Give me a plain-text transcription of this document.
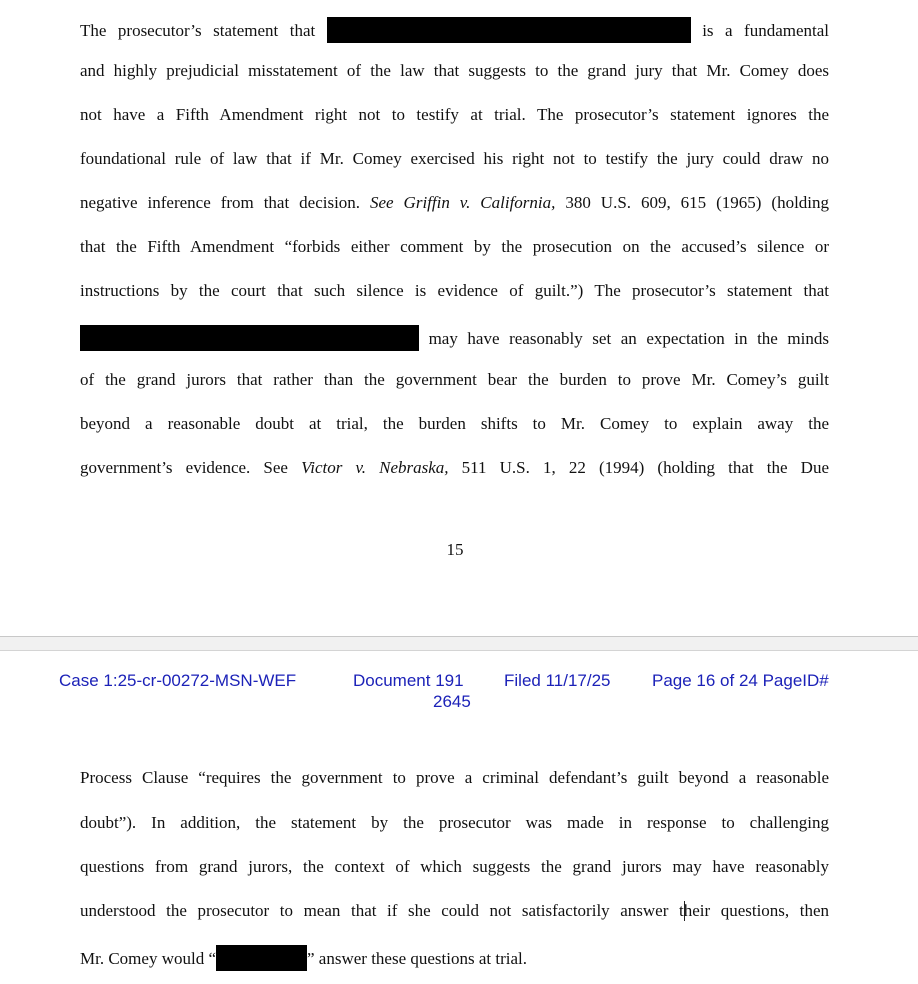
The prosecutor’s statement that	is a fundamental
and highly prejudicial misstatement of the law that suggests to the grand jury that Mr. Comey does
not have a Fifth Amendment right not to testify at trial. The prosecutor’s statement ignores the
foundational rule of law that if Mr. Comey exercised his right not to testify the jury could draw no
negative inference from that decision. See Griffin v. California, 380 U.S. 609, 615 (1965) (holding
that the Fifth Amendment “forbids either comment by the prosecution on the accused’s silence or
instructions by the court that such silence is evidence of guilt.”) The prosecutor’s statement that
may have reasonably set an expectation in the minds
of the grand jurors that rather than the government bear the burden to prove Mr. Comey’s guilt
beyond a reasonable doubt at trial, the burden shifts to Mr. Comey to explain away the
government’s evidence. See Victor v. Nebraska, 511 U.S. 1, 22 (1994) (holding that the Due
15
Case 1:25-cr-00272-MSN-WEF	Document 191 Filed 11/17/25 Page 16 of 24 PageID#
2645
Process Clause “requires the government to prove a criminal defendant’s guilt beyond a reasonable
doubt”). In addition, the statement by the prosecutor was made in response to challenging
questions from grand jurors, the context of which suggests the grand jurors may have reasonably
understood the prosecutor to mean that if she could not satisfactorily answer their questions, then
Mr. Comey would “	” answer these questions at trial.
